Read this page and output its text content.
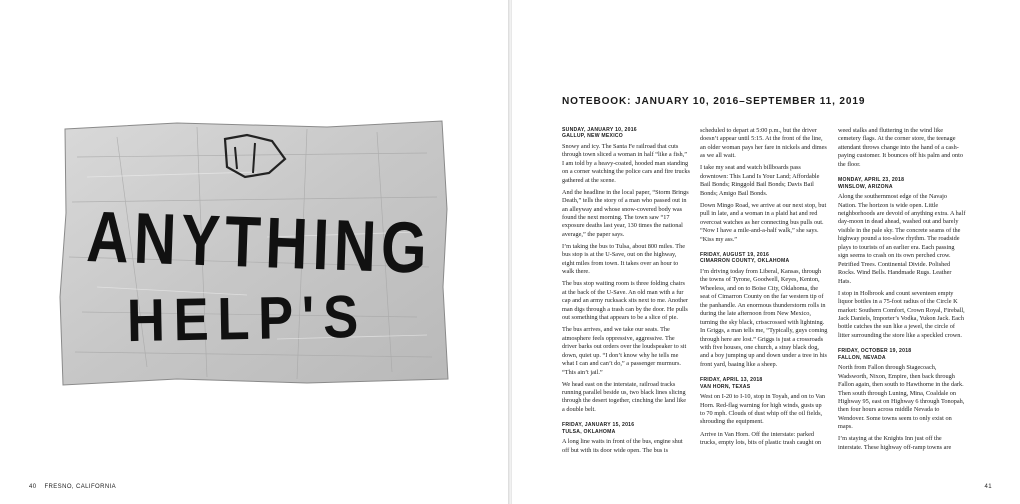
ANYTHING
HELP'S
40 FRESNO, CALIFORNIA
NOTEBOOK: JANUARY 10, 2016–SEPTEMBER 11, 2019
SUNDAY, JANUARY 10, 2016
GALLUP, NEW MEXICO

Snowy and icy. The Santa Fe railroad that cuts through town sliced a woman in half “like a fish,” I am told by a heavy-coated, hooded man standing on a corner watching the police cars and fire trucks gathered at the scene.

And the headline in the local paper, “Storm Brings Death,” tells the story of a man who passed out in an alleyway and whose snow-covered body was found the next morning. The town saw “17 exposure deaths last year, 130 times the national average,” the paper says.

I’m taking the bus to Tulsa, about 800 miles. The bus stop is at the U-Save, out on the highway, eight miles from town. It takes over an hour to walk there.

The bus stop waiting room is three folding chairs at the back of the U-Save. An old man with a fur cap and an army rucksack sits next to me. Another man digs through a trash can by the door. He pulls out something that appears to be a slice of pie.

The bus arrives, and we take our seats. The atmosphere feels oppressive, aggressive. The driver barks out orders over the loudspeaker to sit down, quiet up. “I don’t know why he tells me what I can and can’t do,” a passenger murmurs. “This ain’t jail.”

We head east on the interstate, railroad tracks running parallel beside us, two black lines slicing through the desert together, cinching the land like a double belt.

FRIDAY, JANUARY 15, 2016
TULSA, OKLAHOMA

A long line waits in front of the bus, engine shut off but with its door wide open. The bus is

scheduled to depart at 5:00 p.m., but the driver doesn’t appear until 5:15. At the front of the line, an older woman pays her fare in nickels and dimes as we all wait.

I take my seat and watch billboards pass downtown: This Land Is Your Land; Affordable Bail Bonds; Ringgold Bail Bonds; Davis Bail Bonds; Amigo Bail Bonds.

Down Mingo Road, we arrive at our next stop, but pull in late, and a woman in a plaid hat and red overcoat watches as her connecting bus pulls out. “Now I have a mile-and-a-half walk,” she says. “Kiss my ass.”

FRIDAY, AUGUST 19, 2016
CIMARRON COUNTY, OKLAHOMA

I’m driving today from Liberal, Kansas, through the towns of Tyrone, Goodwell, Keyes, Kenton, Wheeless, and on to Boise City, Oklahoma, the seat of Cimarron County on the far western tip of the panhandle. An enormous thunderstorm rolls in during the late afternoon from New Mexico, turning the sky black, crisscrossed with lightning. In Griggs, a man tells me, “Typically, guys coming through here are lost.” Griggs is just a crossroads with five houses, one church, a stray black dog, and a boy jumping up and down under a tree in his front yard, baaing like a sheep.

FRIDAY, APRIL 13, 2018
VAN HORN, TEXAS

West on I-20 to I-10, stop in Toyah, and on to Van Horn. Red-flag warning for high winds, gusts up to 70 mph. Clouds of dust whip off the oil fields, shrouding the equipment.

Arrive in Van Horn. Off the interstate: parked trucks, empty lots, bits of plastic trash caught on

weed stalks and fluttering in the wind like cemetery flags. At the corner store, the teenage attendant throws change into the hand of a cash-paying customer. It bounces off his palm and onto the floor.

MONDAY, APRIL 23, 2018
WINSLOW, ARIZONA

Along the southernmost edge of the Navajo Nation. The horizon is wide open. Little neighborhoods are devoid of anything extra. A half day-moon in dead ahead, washed out and barely visible in the pale sky. The concrete seams of the highway pound a too-slow rhythm. The roadside plays to tourists of an earlier era. Each passing sign seems to crash on its own perched crow. Petrified Trees. Continental Divide. Polished Rocks. Wind Bells. Handmade Rugs. Leather Hats.

I stop in Holbrook and count seventeen empty liquor bottles in a 75-foot radius of the Circle K market: Southern Comfort, Crown Royal, Fireball, Jack Daniels, Importer’s Vodka, Yukon Jack. Each bottle catches the sun like a jewel, the circle of litter surrounding the store like a speckled crown.

FRIDAY, OCTOBER 19, 2018
FALLON, NEVADA

North from Fallon through Stagecoach, Wadsworth, Nixon, Empire, then back through Fallon again, then south to Hawthorne in the dark. Then south through Luning, Mina, Coaldale on Highway 95, east on Highway 6 through Tonopah, then four hours across middle Nevada to Wendover. Some towns seem to only exist on maps.

I’m staying at the Knights Inn just off the interstate. These highway off-ramp towns are

41
